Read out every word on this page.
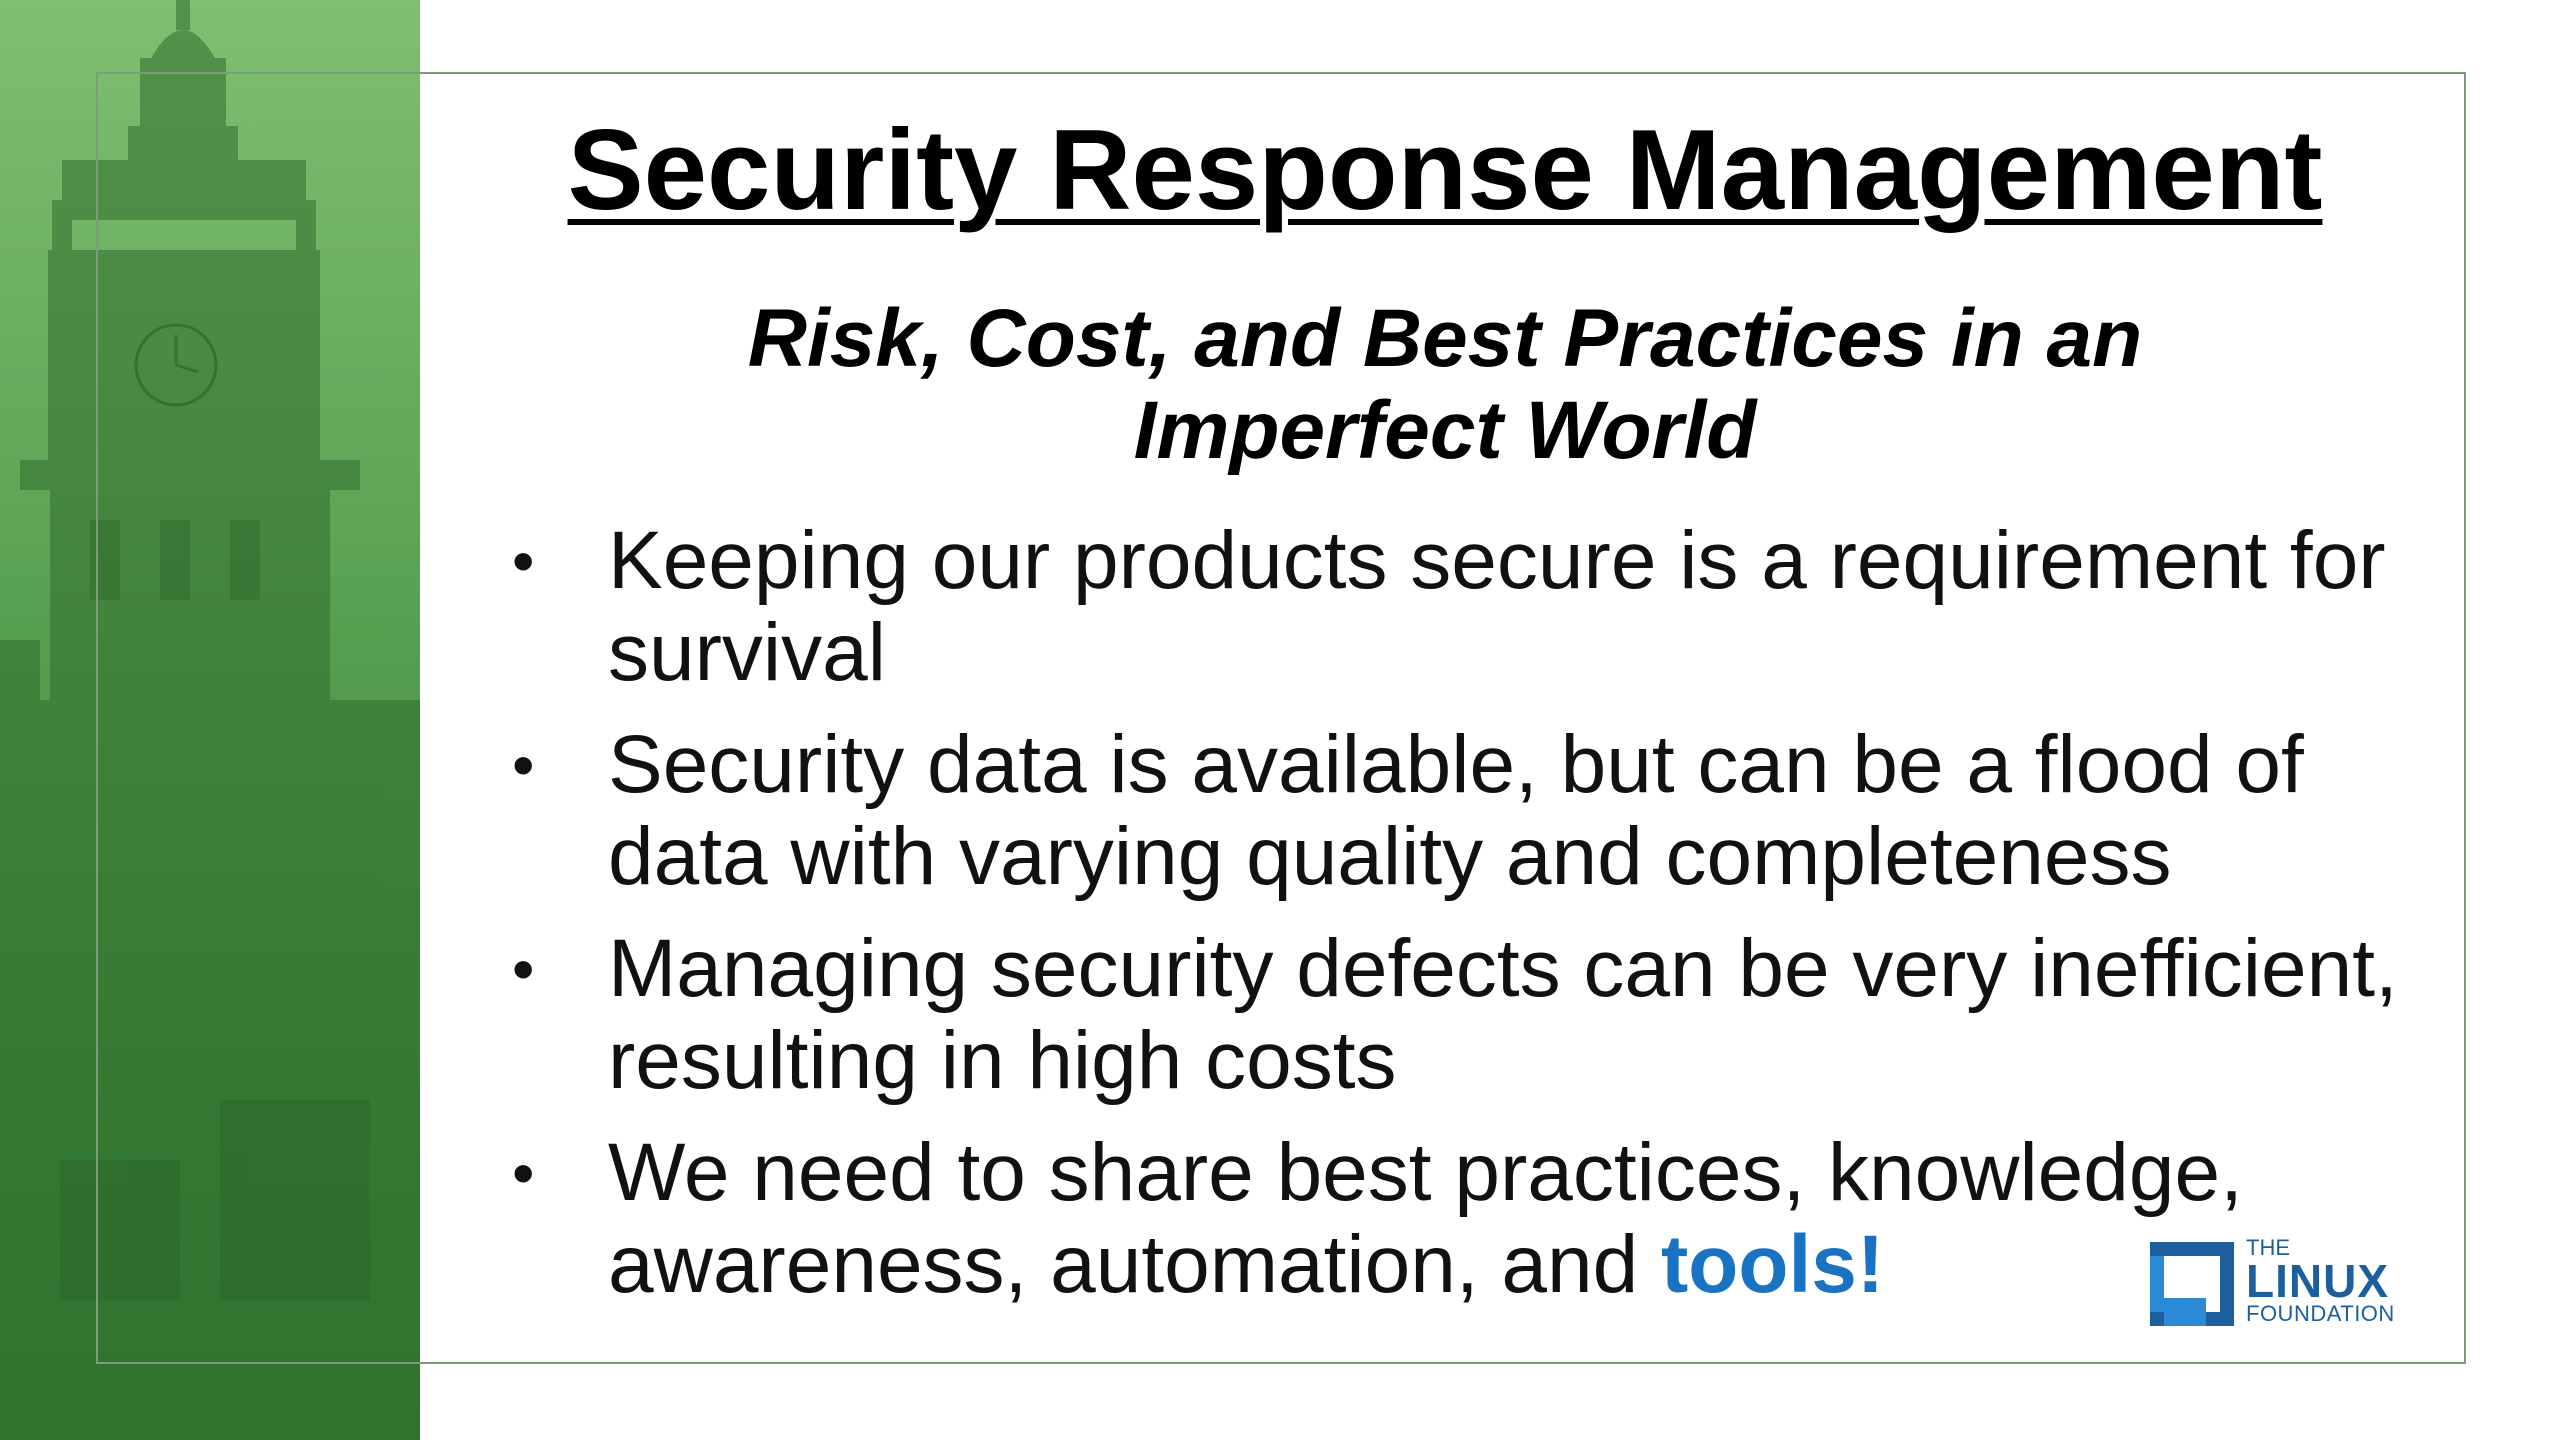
Security Response Management
Risk, Cost, and Best Practices in an
Imperfect World
• Keeping our products secure is a requirement for survival
• Security data is available, but can be a flood of data with varying quality and completeness
• Managing security defects can be very inefficient, resulting in high costs
• We need to share best practices, knowledge, awareness, automation, and tools!	THE
LINUX
FOUNDATION
